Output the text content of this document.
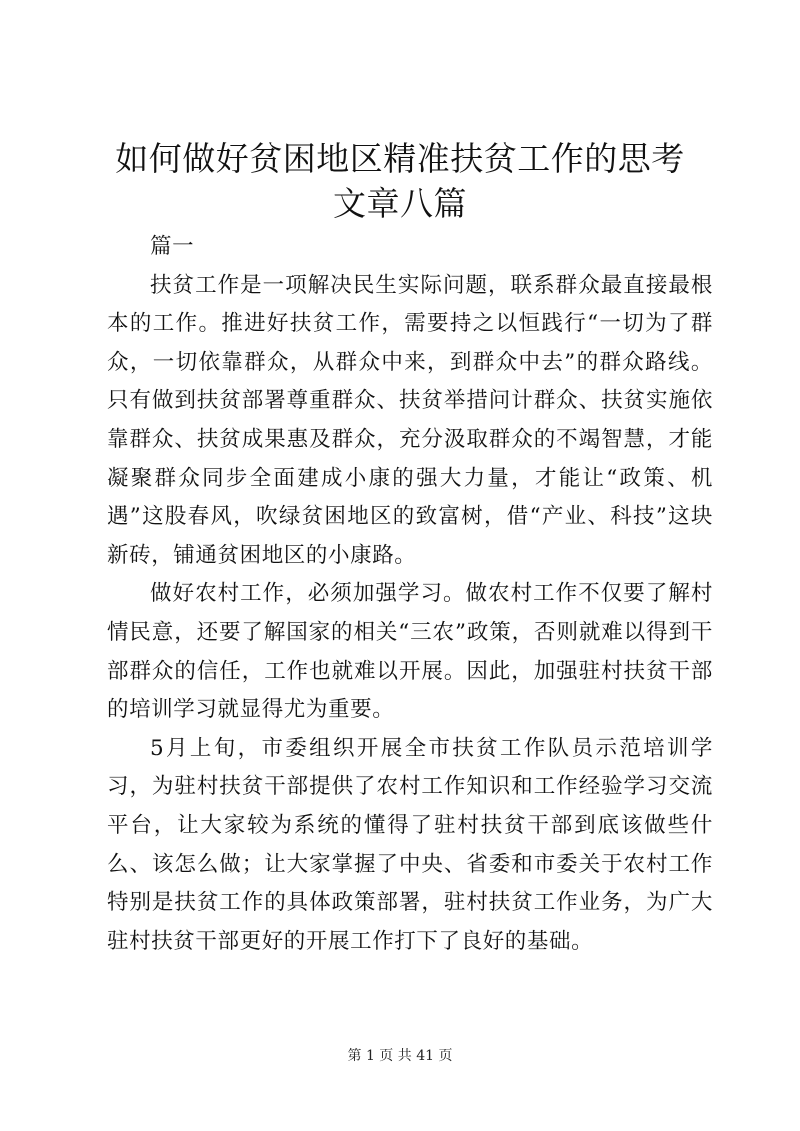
如何做好贫困地区精准扶贫工作的思考文章八篇

篇一

扶贫工作是一项解决民生实际问题，联系群众最直接最根本的工作。推进好扶贫工作，需要持之以恒践行“一切为了群众，一切依靠群众，从群众中来，到群众中去”的群众路线。只有做到扶贫部署尊重群众、扶贫举措问计群众、扶贫实施依靠群众、扶贫成果惠及群众，充分汲取群众的不竭智慧，才能凝聚群众同步全面建成小康的强大力量，才能让“政策、机遇”这股春风，吹绿贫困地区的致富树，借“产业、科技”这块新砖，铺通贫困地区的小康路。

做好农村工作，必须加强学习。做农村工作不仅要了解村情民意，还要了解国家的相关“三农”政策，否则就难以得到干部群众的信任，工作也就难以开展。因此，加强驻村扶贫干部的培训学习就显得尤为重要。

5月上旬，市委组织开展全市扶贫工作队员示范培训学习，为驻村扶贫干部提供了农村工作知识和工作经验学习交流平台，让大家较为系统的懂得了驻村扶贫干部到底该做些什么、该怎么做；让大家掌握了中央、省委和市委关于农村工作特别是扶贫工作的具体政策部署，驻村扶贫工作业务，为广大驻村扶贫干部更好的开展工作打下了良好的基础。

第 1 页 共 41 页
